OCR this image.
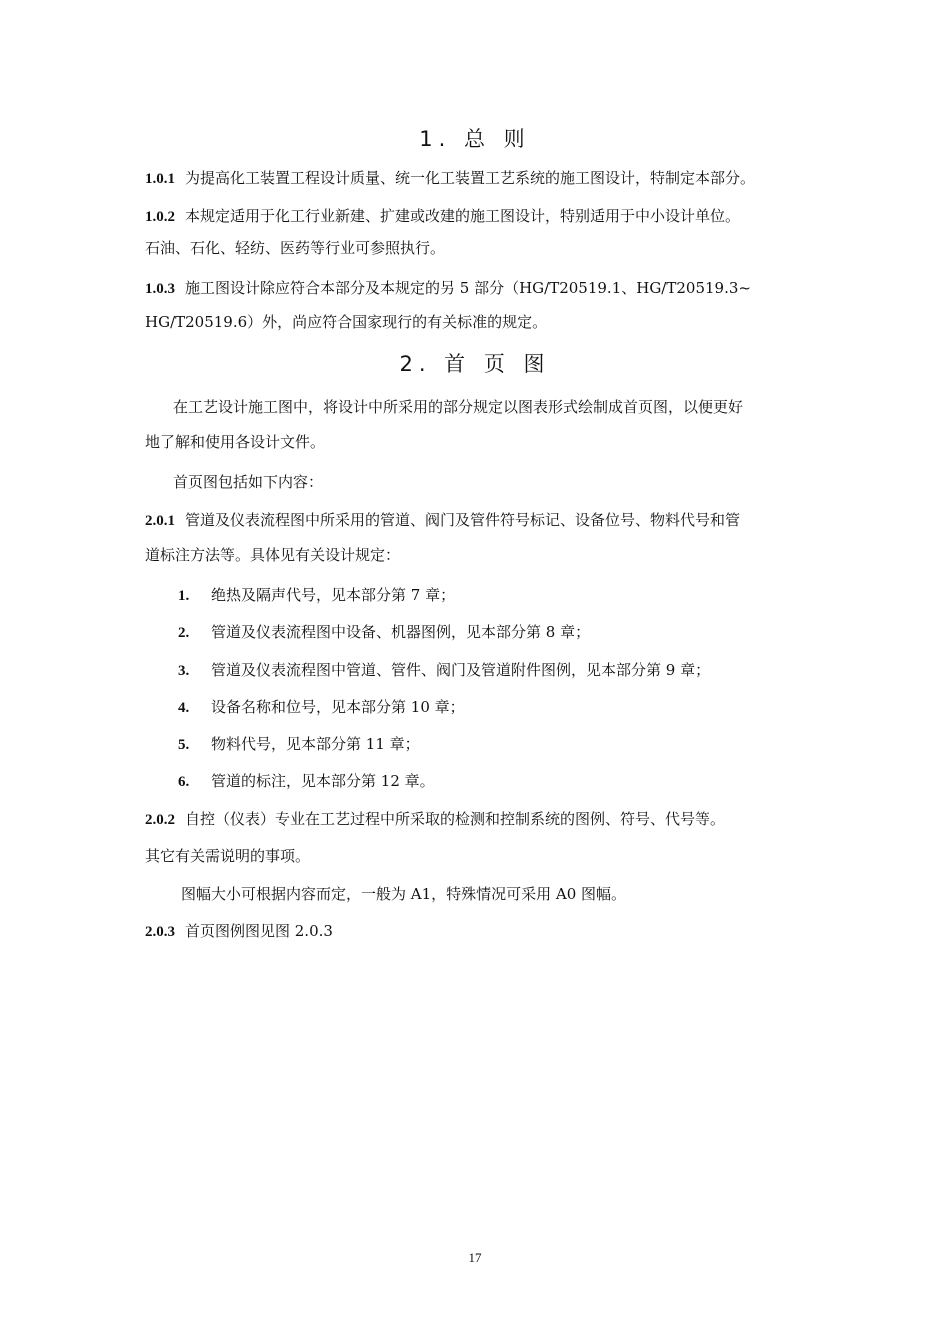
1. 总 则
1.0.1 为提高化工装置工程设计质量、统一化工装置工艺系统的施工图设计，特制定本部分。
1.0.2 本规定适用于化工行业新建、扩建或改建的施工图设计，特别适用于中小设计单位。
石油、石化、轻纺、医药等行业可参照执行。
1.0.3 施工图设计除应符合本部分及本规定的另 5 部分（HG/T20519.1、HG/T20519.3~
HG/T20519.6）外，尚应符合国家现行的有关标准的规定。
2. 首 页 图
在工艺设计施工图中，将设计中所采用的部分规定以图表形式绘制成首页图，以便更好
地了解和使用各设计文件。
首页图包括如下内容：
2.0.1 管道及仪表流程图中所采用的管道、阀门及管件符号标记、设备位号、物料代号和管
道标注方法等。具体见有关设计规定：
1. 绝热及隔声代号，见本部分第 7 章；
2. 管道及仪表流程图中设备、机器图例，见本部分第 8 章；
3. 管道及仪表流程图中管道、管件、阀门及管道附件图例，见本部分第 9 章；
4. 设备名称和位号，见本部分第 10 章；
5. 物料代号，见本部分第 11 章；
6. 管道的标注，见本部分第 12 章。
2.0.2 自控（仪表）专业在工艺过程中所采取的检测和控制系统的图例、符号、代号等。
其它有关需说明的事项。
图幅大小可根据内容而定，一般为 A1，特殊情况可采用 A0 图幅。
2.0.3 首页图例图见图 2.0.3
17
